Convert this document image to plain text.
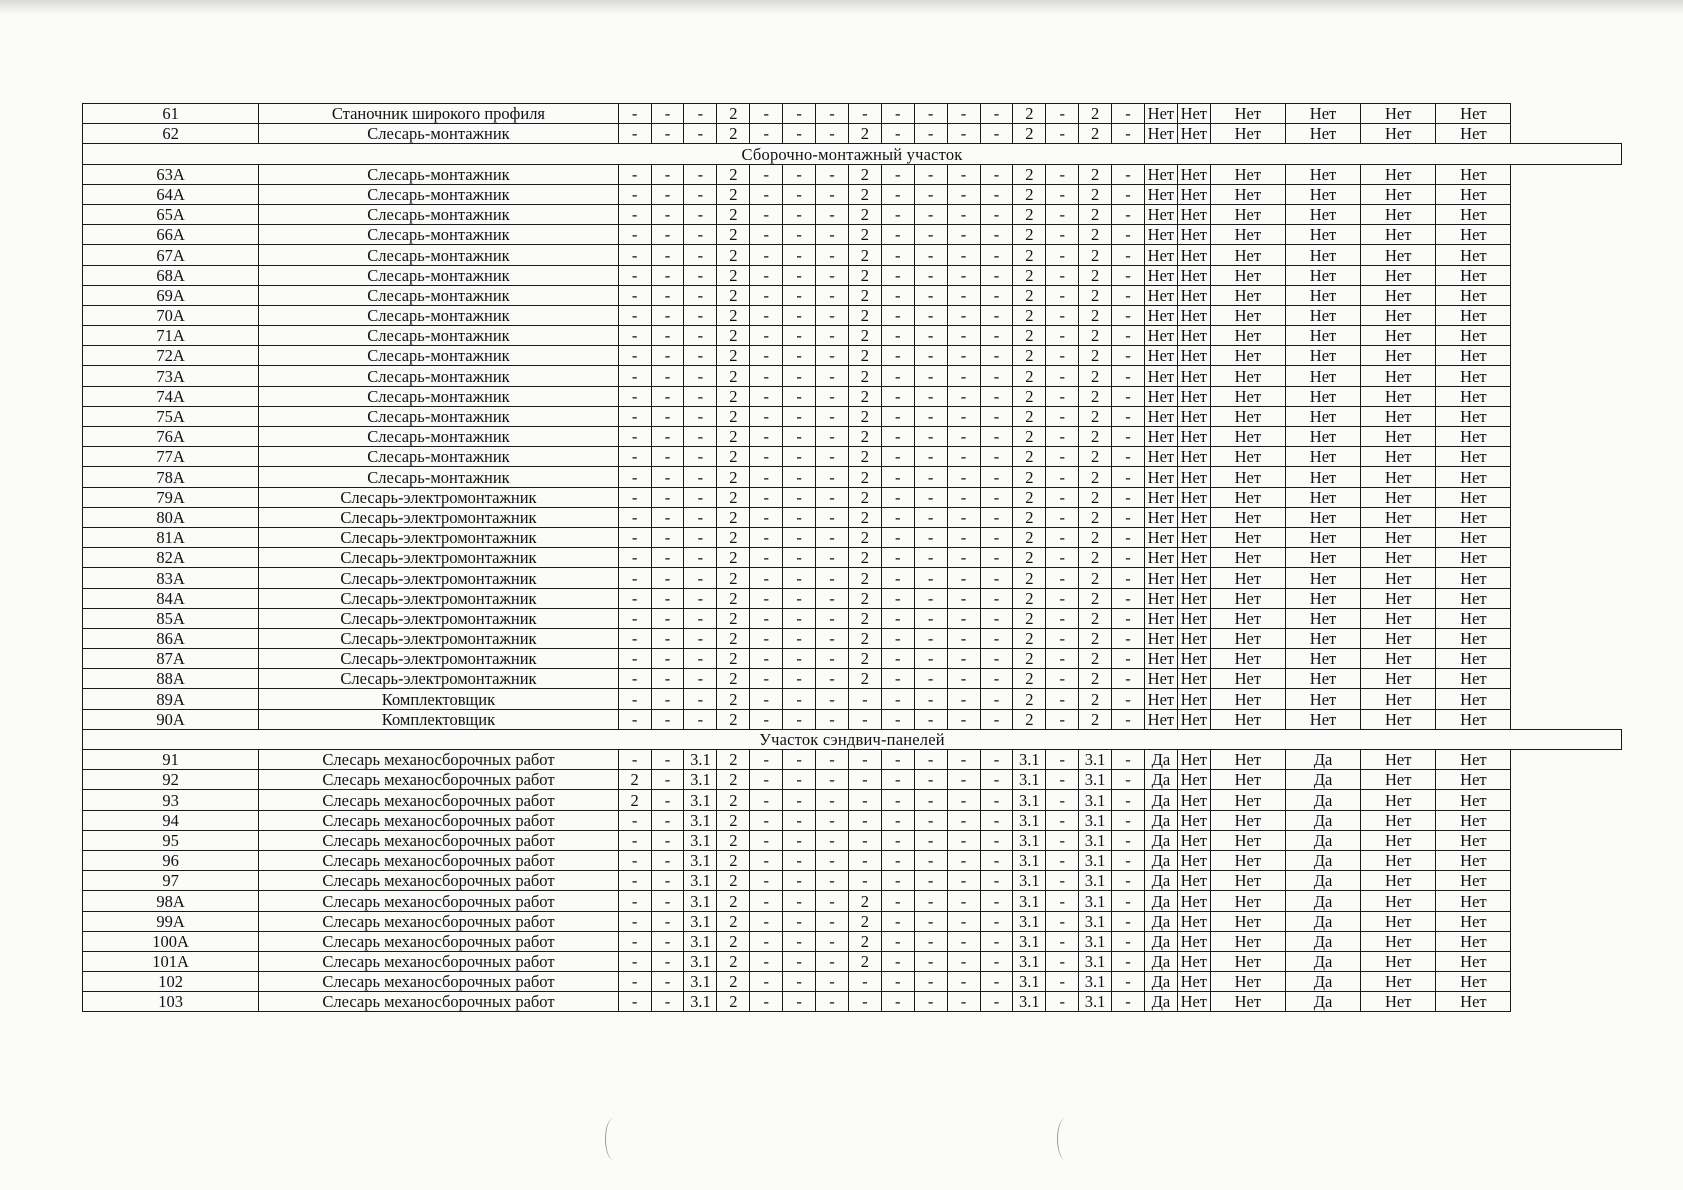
61	Станочник широкого профиля	-	-	-	2	-	-	-	-	-	-	-	-	2	-	2	-	Нет	Нет	Нет	Нет	Нет	Нет
62	Слесарь-монтажник	-	-	-	2	-	-	-	2	-	-	-	-	2	-	2	-	Нет	Нет	Нет	Нет	Нет	Нет
Сборочно-монтажный участок																							
63А	Слесарь-монтажник	-	-	-	2	-	-	-	2	-	-	-	-	2	-	2	-	Нет	Нет	Нет	Нет	Нет	Нет
64А	Слесарь-монтажник	-	-	-	2	-	-	-	2	-	-	-	-	2	-	2	-	Нет	Нет	Нет	Нет	Нет	Нет
65А	Слесарь-монтажник	-	-	-	2	-	-	-	2	-	-	-	-	2	-	2	-	Нет	Нет	Нет	Нет	Нет	Нет
66А	Слесарь-монтажник	-	-	-	2	-	-	-	2	-	-	-	-	2	-	2	-	Нет	Нет	Нет	Нет	Нет	Нет
67А	Слесарь-монтажник	-	-	-	2	-	-	-	2	-	-	-	-	2	-	2	-	Нет	Нет	Нет	Нет	Нет	Нет
68А	Слесарь-монтажник	-	-	-	2	-	-	-	2	-	-	-	-	2	-	2	-	Нет	Нет	Нет	Нет	Нет	Нет
69А	Слесарь-монтажник	-	-	-	2	-	-	-	2	-	-	-	-	2	-	2	-	Нет	Нет	Нет	Нет	Нет	Нет
70А	Слесарь-монтажник	-	-	-	2	-	-	-	2	-	-	-	-	2	-	2	-	Нет	Нет	Нет	Нет	Нет	Нет
71А	Слесарь-монтажник	-	-	-	2	-	-	-	2	-	-	-	-	2	-	2	-	Нет	Нет	Нет	Нет	Нет	Нет
72А	Слесарь-монтажник	-	-	-	2	-	-	-	2	-	-	-	-	2	-	2	-	Нет	Нет	Нет	Нет	Нет	Нет
73А	Слесарь-монтажник	-	-	-	2	-	-	-	2	-	-	-	-	2	-	2	-	Нет	Нет	Нет	Нет	Нет	Нет
74А	Слесарь-монтажник	-	-	-	2	-	-	-	2	-	-	-	-	2	-	2	-	Нет	Нет	Нет	Нет	Нет	Нет
75А	Слесарь-монтажник	-	-	-	2	-	-	-	2	-	-	-	-	2	-	2	-	Нет	Нет	Нет	Нет	Нет	Нет
76А	Слесарь-монтажник	-	-	-	2	-	-	-	2	-	-	-	-	2	-	2	-	Нет	Нет	Нет	Нет	Нет	Нет
77А	Слесарь-монтажник	-	-	-	2	-	-	-	2	-	-	-	-	2	-	2	-	Нет	Нет	Нет	Нет	Нет	Нет
78А	Слесарь-монтажник	-	-	-	2	-	-	-	2	-	-	-	-	2	-	2	-	Нет	Нет	Нет	Нет	Нет	Нет
79А	Слесарь-электромонтажник	-	-	-	2	-	-	-	2	-	-	-	-	2	-	2	-	Нет	Нет	Нет	Нет	Нет	Нет
80А	Слесарь-электромонтажник	-	-	-	2	-	-	-	2	-	-	-	-	2	-	2	-	Нет	Нет	Нет	Нет	Нет	Нет
81А	Слесарь-электромонтажник	-	-	-	2	-	-	-	2	-	-	-	-	2	-	2	-	Нет	Нет	Нет	Нет	Нет	Нет
82А	Слесарь-электромонтажник	-	-	-	2	-	-	-	2	-	-	-	-	2	-	2	-	Нет	Нет	Нет	Нет	Нет	Нет
83А	Слесарь-электромонтажник	-	-	-	2	-	-	-	2	-	-	-	-	2	-	2	-	Нет	Нет	Нет	Нет	Нет	Нет
84А	Слесарь-электромонтажник	-	-	-	2	-	-	-	2	-	-	-	-	2	-	2	-	Нет	Нет	Нет	Нет	Нет	Нет
85А	Слесарь-электромонтажник	-	-	-	2	-	-	-	2	-	-	-	-	2	-	2	-	Нет	Нет	Нет	Нет	Нет	Нет
86А	Слесарь-электромонтажник	-	-	-	2	-	-	-	2	-	-	-	-	2	-	2	-	Нет	Нет	Нет	Нет	Нет	Нет
87А	Слесарь-электромонтажник	-	-	-	2	-	-	-	2	-	-	-	-	2	-	2	-	Нет	Нет	Нет	Нет	Нет	Нет
88А	Слесарь-электромонтажник	-	-	-	2	-	-	-	2	-	-	-	-	2	-	2	-	Нет	Нет	Нет	Нет	Нет	Нет
89А	Комплектовщик	-	-	-	2	-	-	-	-	-	-	-	-	2	-	2	-	Нет	Нет	Нет	Нет	Нет	Нет
90А	Комплектовщик	-	-	-	2	-	-	-	-	-	-	-	-	2	-	2	-	Нет	Нет	Нет	Нет	Нет	Нет
Участок сэндвич-панелей																							
91	Слесарь механосборочных работ	-	-	3.1	2	-	-	-	-	-	-	-	-	3.1	-	3.1	-	Да	Нет	Нет	Да	Нет	Нет
92	Слесарь механосборочных работ	2	-	3.1	2	-	-	-	-	-	-	-	-	3.1	-	3.1	-	Да	Нет	Нет	Да	Нет	Нет
93	Слесарь механосборочных работ	2	-	3.1	2	-	-	-	-	-	-	-	-	3.1	-	3.1	-	Да	Нет	Нет	Да	Нет	Нет
94	Слесарь механосборочных работ	-	-	3.1	2	-	-	-	-	-	-	-	-	3.1	-	3.1	-	Да	Нет	Нет	Да	Нет	Нет
95	Слесарь механосборочных работ	-	-	3.1	2	-	-	-	-	-	-	-	-	3.1	-	3.1	-	Да	Нет	Нет	Да	Нет	Нет
96	Слесарь механосборочных работ	-	-	3.1	2	-	-	-	-	-	-	-	-	3.1	-	3.1	-	Да	Нет	Нет	Да	Нет	Нет
97	Слесарь механосборочных работ	-	-	3.1	2	-	-	-	-	-	-	-	-	3.1	-	3.1	-	Да	Нет	Нет	Да	Нет	Нет
98А	Слесарь механосборочных работ	-	-	3.1	2	-	-	-	2	-	-	-	-	3.1	-	3.1	-	Да	Нет	Нет	Да	Нет	Нет
99А	Слесарь механосборочных работ	-	-	3.1	2	-	-	-	2	-	-	-	-	3.1	-	3.1	-	Да	Нет	Нет	Да	Нет	Нет
100А	Слесарь механосборочных работ	-	-	3.1	2	-	-	-	2	-	-	-	-	3.1	-	3.1	-	Да	Нет	Нет	Да	Нет	Нет
101А	Слесарь механосборочных работ	-	-	3.1	2	-	-	-	2	-	-	-	-	3.1	-	3.1	-	Да	Нет	Нет	Да	Нет	Нет
102	Слесарь механосборочных работ	-	-	3.1	2	-	-	-	-	-	-	-	-	3.1	-	3.1	-	Да	Нет	Нет	Да	Нет	Нет
103	Слесарь механосборочных работ	-	-	3.1	2	-	-	-	-	-	-	-	-	3.1	-	3.1	-	Да	Нет	Нет	Да	Нет	Нет
